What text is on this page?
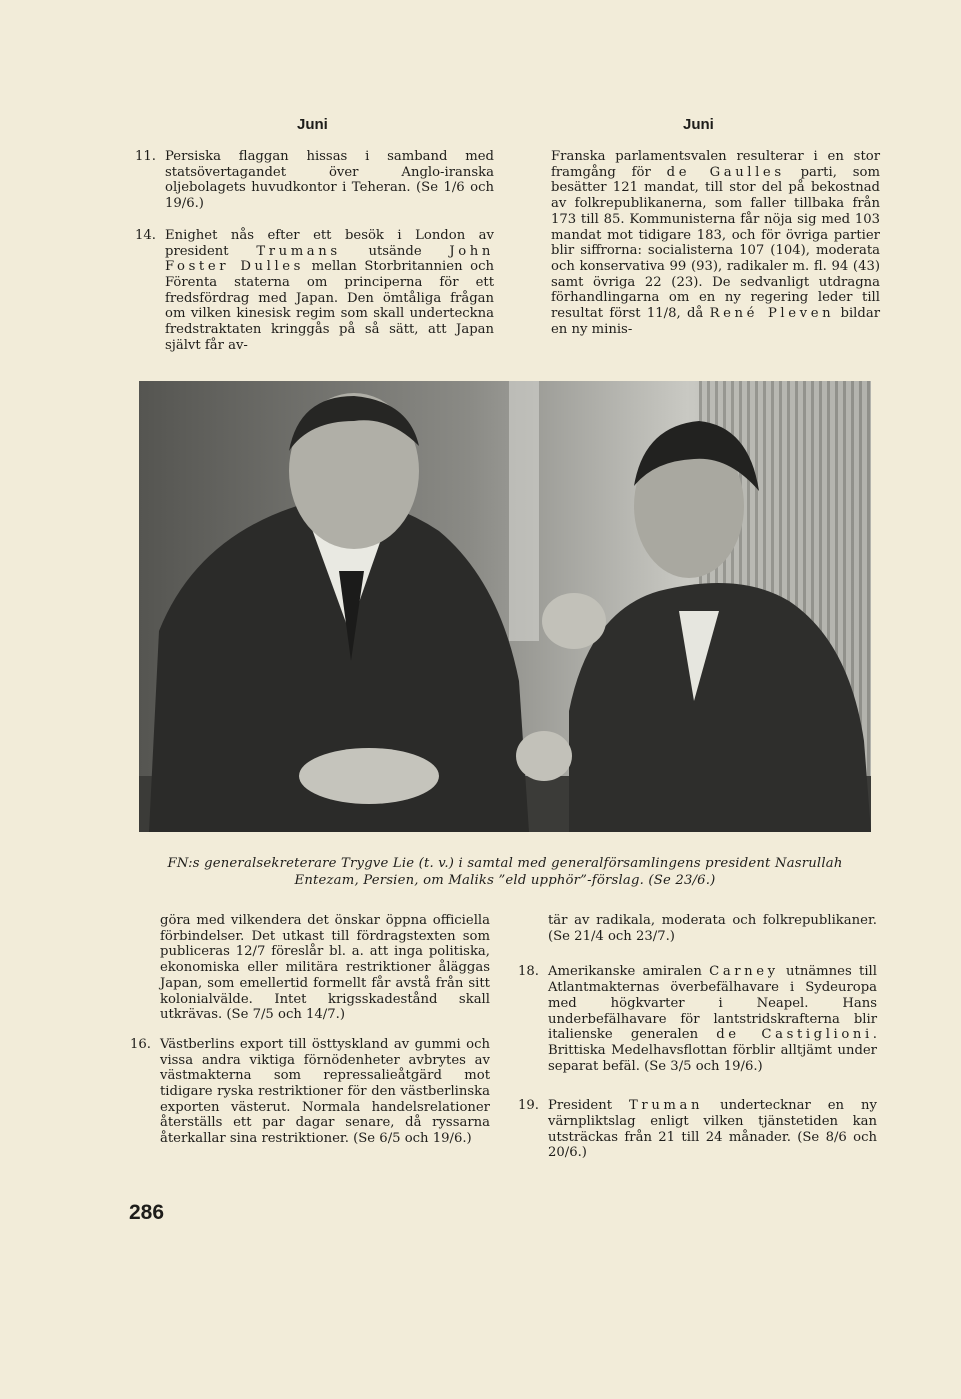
Juni	Juni
11. Persiska flaggan hissas i samband med statsövertagandet över Anglo-iranska oljebolagets huvudkontor i Teheran. (Se 1/6 och 19/6.)
14. Enighet nås efter ett besök i London av president Trumans utsände John Foster Dulles mellan Storbritannien och Förenta staterna om principerna för ett fredsfördrag med Japan. Den ömtåliga frågan om vilken kinesisk regim som skall underteckna fredstraktaten kringgås på så sätt, att Japan självt får av-

Franska parlamentsvalen resulterar i en stor framgång för de Gaulles parti, som besätter 121 mandat, till stor del på bekostnad av folkrepublikanerna, som faller tillbaka från 173 till 85. Kommunisterna får nöja sig med 103 mandat mot tidigare 183, och för övriga partier blir siffrorna: socialisterna 107 (104), moderata och konservativa 99 (93), radikaler m. fl. 94 (43) samt övriga 22 (23). De sedvanligt utdragna förhandlingarna om en ny regering leder till resultat först 11/8, då René Pleven bildar en ny minis-

FN:s generalsekreterare Trygve Lie (t. v.) i samtal med generalförsamlingens president Nasrullah
Entezam, Persien, om Maliks ”eld upphör”-förslag. (Se 23/6.)

göra med vilkendera det önskar öppna officiella förbindelser. Det utkast till fördragstexten som publiceras 12/7 föreslår bl. a. att inga politiska, ekonomiska eller militära restriktioner åläggas Japan, som emellertid formellt får avstå från sitt kolonialvälde. Intet krigsskadestånd skall utkrävas. (Se 7/5 och 14/7.)

16. Västberlins export till östtyskland av gummi och vissa andra viktiga förnödenheter avbrytes av västmakterna som repressalieåtgärd mot tidigare ryska restriktioner för den västberlinska exporten västerut. Normala handelsrelationer återställs ett par dagar senare, då ryssarna återkallar sina restriktioner. (Se 6/5 och 19/6.)

tär av radikala, moderata och folkrepublikaner. (Se 21/4 och 23/7.)

18. Amerikanske amiralen Carney utnämnes till Atlantmakternas överbefälhavare i Sydeuropa med högkvarter i Neapel. Hans underbefälhavare för lantstridskrafterna blir italienske generalen de Castiglioni. Brittiska Medelhavsflottan förblir alltjämt under separat befäl. (Se 3/5 och 19/6.)
19. President Truman undertecknar en ny värnpliktslag enligt vilken tjänstetiden kan utsträckas från 21 till 24 månader. (Se 8/6 och 20/6.)
286
